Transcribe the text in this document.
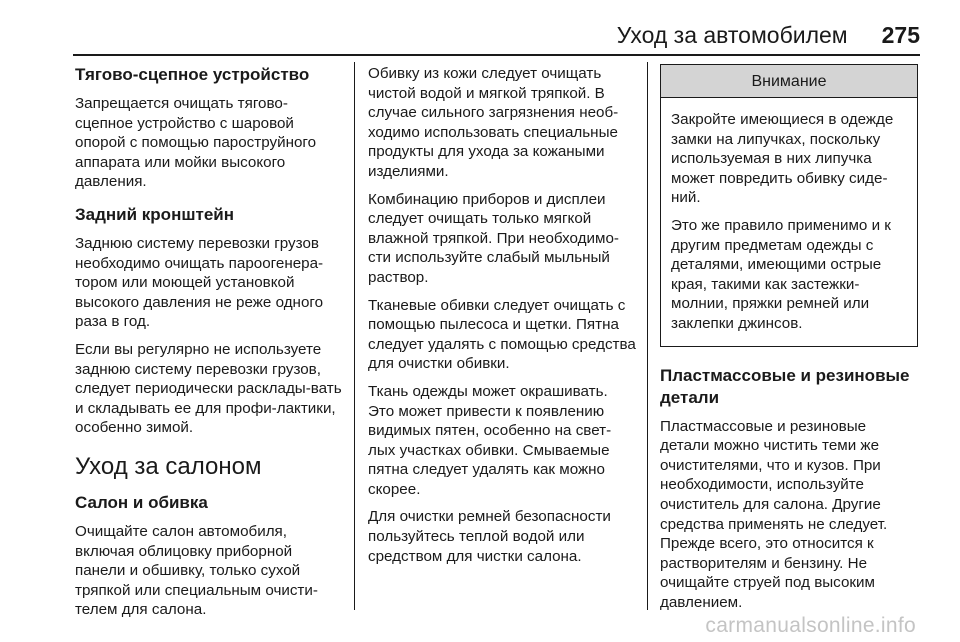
Уход за автомобилем 275
Тягово-сцепное устройство

Запрещается очищать тягово-сцепное устройство с шаровой опорой с помощью пароструйного аппарата или мойки высокого давления.

Задний кронштейн

Заднюю систему перевозки грузов необходимо очищать пароогенера-тором или моющей установкой высокого давления не реже одного раза в год.

Если вы регулярно не используете заднюю систему перевозки грузов, следует периодически расклады-вать и складывать ее для профи-лактики, особенно зимой.

Уход за салоном
Салон и обивка

Очищайте салон автомобиля, включая облицовку приборной панели и обшивку, только сухой тряпкой или специальным очисти-телем для салона.

Обивку из кожи следует очищать чистой водой и мягкой тряпкой. В случае сильного загрязнения необ-ходимо использовать специальные продукты для ухода за кожаными изделиями.

Комбинацию приборов и дисплеи следует очищать только мягкой влажной тряпкой. При необходимо-сти используйте слабый мыльный раствор.

Тканевые обивки следует очищать с помощью пылесоса и щетки. Пятна следует удалять с помощью средства для очистки обивки.

Ткань одежды может окрашивать. Это может привести к появлению видимых пятен, особенно на свет-лых участках обивки. Смываемые пятна следует удалять как можно скорее.

Для очистки ремней безопасности пользуйтесь теплой водой или средством для чистки салона.

Внимание

Закройте имеющиеся в одежде замки на липучках, поскольку используемая в них липучка может повредить обивку сиде-ний.

Это же правило применимо и к другим предметам одежды с деталями, имеющими острые края, такими как застежки-молнии, пряжки ремней или заклепки джинсов.

Пластмассовые и резиновые детали

Пластмассовые и резиновые детали можно чистить теми же очистителями, что и кузов. При необходимости, используйте очиститель для салона. Другие средства применять не следует. Прежде всего, это относится к растворителям и бензину. Не очищайте струей под высоким давлением.

carmanualsonline.info
